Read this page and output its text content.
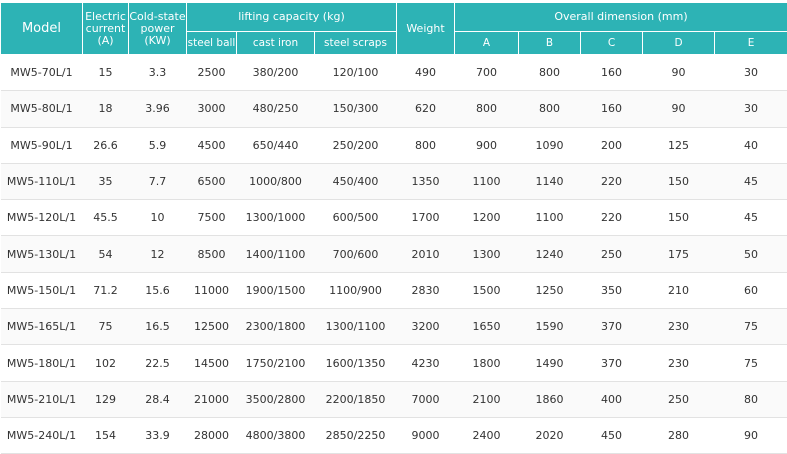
Model	Electric current (A)	Cold-state power (KW)	lifting capacity (kg)			Weight	Overall dimension (mm)				
			steel ball	cast iron	steel scraps		A	B	C	D	E
MW5-70L/1	15	3.3	2500	380/200	120/100	490	700	800	160	90	30
MW5-80L/1	18	3.96	3000	480/250	150/300	620	800	800	160	90	30
MW5-90L/1	26.6	5.9	4500	650/440	250/200	800	900	1090	200	125	40
MW5-110L/1	35	7.7	6500	1000/800	450/400	1350	1100	1140	220	150	45
MW5-120L/1	45.5	10	7500	1300/1000	600/500	1700	1200	1100	220	150	45
MW5-130L/1	54	12	8500	1400/1100	700/600	2010	1300	1240	250	175	50
MW5-150L/1	71.2	15.6	11000	1900/1500	1100/900	2830	1500	1250	350	210	60
MW5-165L/1	75	16.5	12500	2300/1800	1300/1100	3200	1650	1590	370	230	75
MW5-180L/1	102	22.5	14500	1750/2100	1600/1350	4230	1800	1490	370	230	75
MW5-210L/1	129	28.4	21000	3500/2800	2200/1850	7000	2100	1860	400	250	80
MW5-240L/1	154	33.9	28000	4800/3800	2850/2250	9000	2400	2020	450	280	90
